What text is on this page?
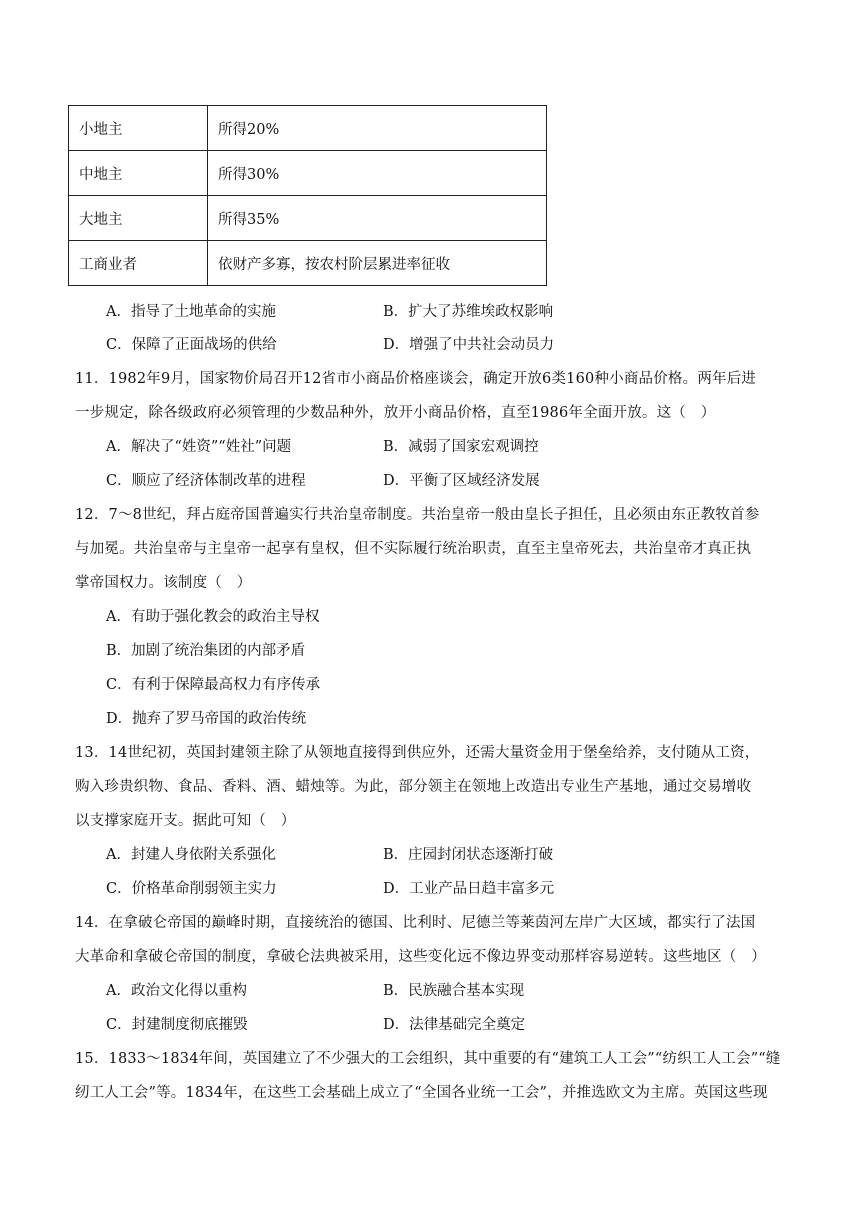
小地主	所得20%
中地主	所得30%
大地主	所得35%
工商业者	依财产多寡，按农村阶层累进率征收
A．指导了土地革命的实施	B．扩大了苏维埃政权影响
C．保障了正面战场的供给	D．增强了中共社会动员力
11．1982年9月，国家物价局召开12省市小商品价格座谈会，确定开放6类160种小商品价格。两年后进
一步规定，除各级政府必须管理的少数品种外，放开小商品价格，直至1986年全面开放。这（　）
A．解决了“姓资”“姓社”问题	B．减弱了国家宏观调控
C．顺应了经济体制改革的进程	D．平衡了区域经济发展
12．7～8世纪，拜占庭帝国普遍实行共治皇帝制度。共治皇帝一般由皇长子担任，且必须由东正教牧首参
与加冕。共治皇帝与主皇帝一起享有皇权，但不实际履行统治职责，直至主皇帝死去，共治皇帝才真正执
掌帝国权力。该制度（　）
A．有助于强化教会的政治主导权
B．加剧了统治集团的内部矛盾
C．有利于保障最高权力有序传承
D．抛弃了罗马帝国的政治传统
13．14世纪初，英国封建领主除了从领地直接得到供应外，还需大量资金用于堡垒给养，支付随从工资，
购入珍贵织物、食品、香料、酒、蜡烛等。为此，部分领主在领地上改造出专业生产基地，通过交易增收
以支撑家庭开支。据此可知（　）
A．封建人身依附关系强化	B．庄园封闭状态逐渐打破
C．价格革命削弱领主实力	D．工业产品日趋丰富多元
14．在拿破仑帝国的巅峰时期，直接统治的德国、比利时、尼德兰等莱茵河左岸广大区域，都实行了法国
大革命和拿破仑帝国的制度，拿破仑法典被采用，这些变化远不像边界变动那样容易逆转。这些地区（　）
A．政治文化得以重构	B．民族融合基本实现
C．封建制度彻底摧毁	D．法律基础完全奠定
15．1833～1834年间，英国建立了不少强大的工会组织，其中重要的有“建筑工人工会”“纺织工人工会”“缝
纫工人工会”等。1834年，在这些工会基础上成立了“全国各业统一工会”，并推选欧文为主席。英国这些现
